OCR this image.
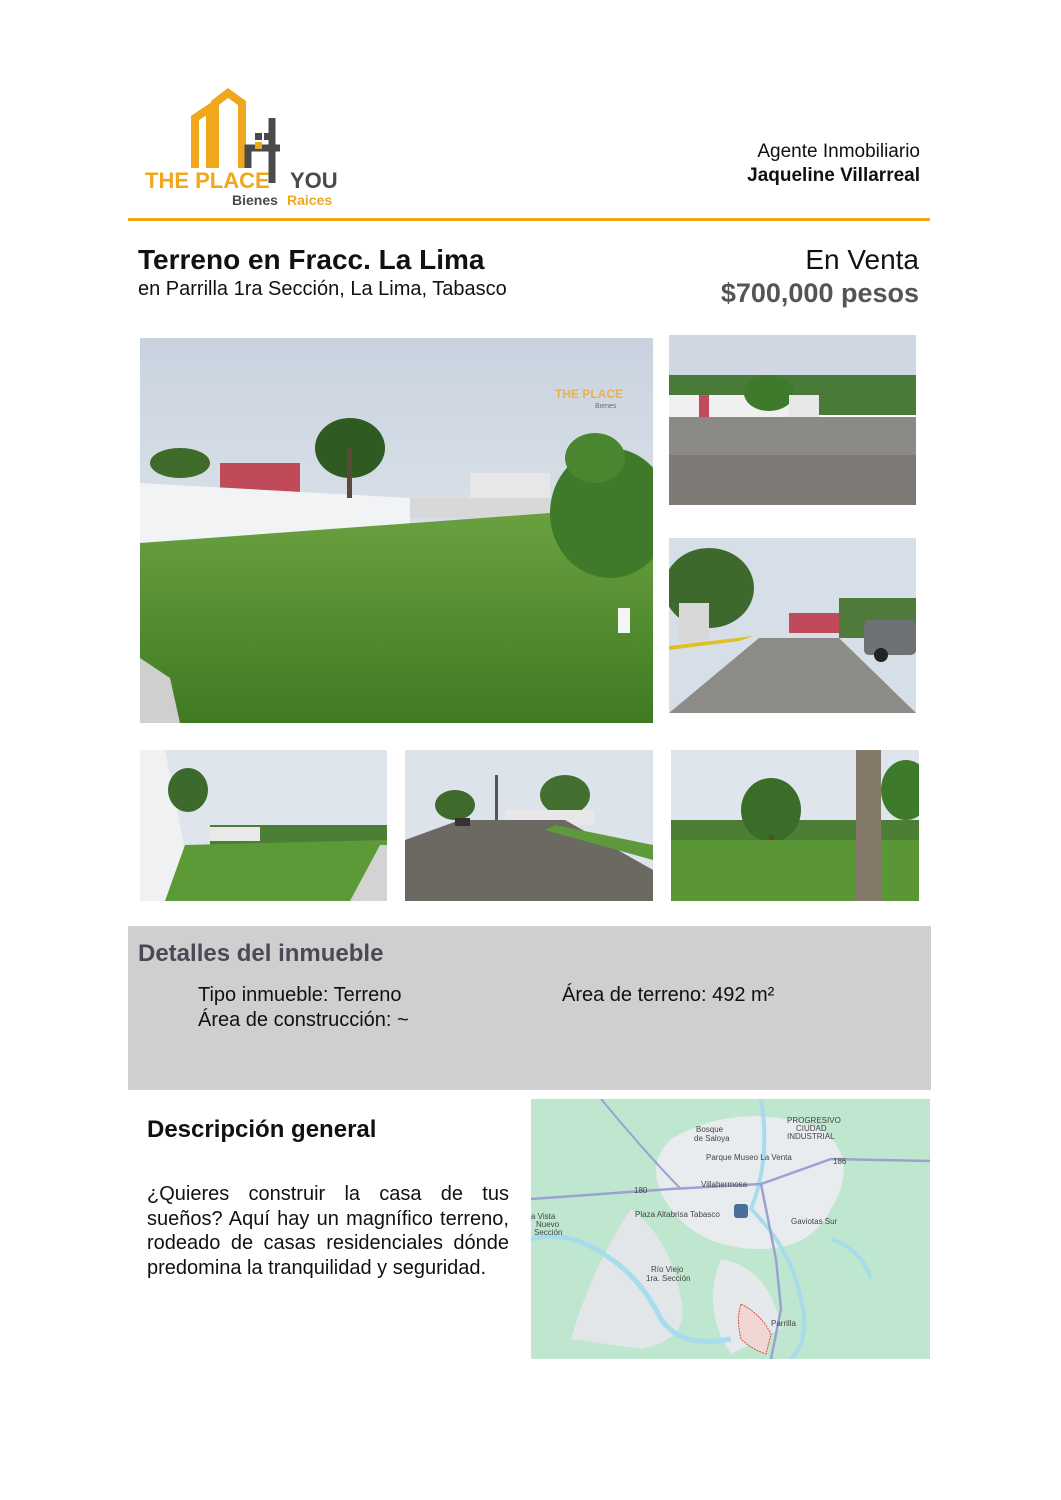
THE PLACE YOU
Bienes Raices
Agente Inmobiliario
Jaqueline Villarreal
Terreno en Fracc. La Lima
en Parrilla 1ra Sección, La Lima, Tabasco
En Venta
$700,000 pesos
THE PLACE
Bienes
Detalles del inmueble
Tipo inmueble: Terreno	Área de terreno: 492 m²
Área de construcción: ~
Descripción general
¿Quieres construir la casa de tus sueños? Aquí hay un magnífico terreno, rodeado de casas residenciales dónde predomina la tranquilidad y seguridad.
PROGRESIVO
CIUDAD
INDUSTRIAL
Bosque
de Saloya
Parque Museo La Venta
Villahermosa
Plaza Altabrisa Tabasco
Gaviotas Sur
Río Viejo
1ra. Sección
Parrilla
a Vista
Nuevo
Sección
186
180
